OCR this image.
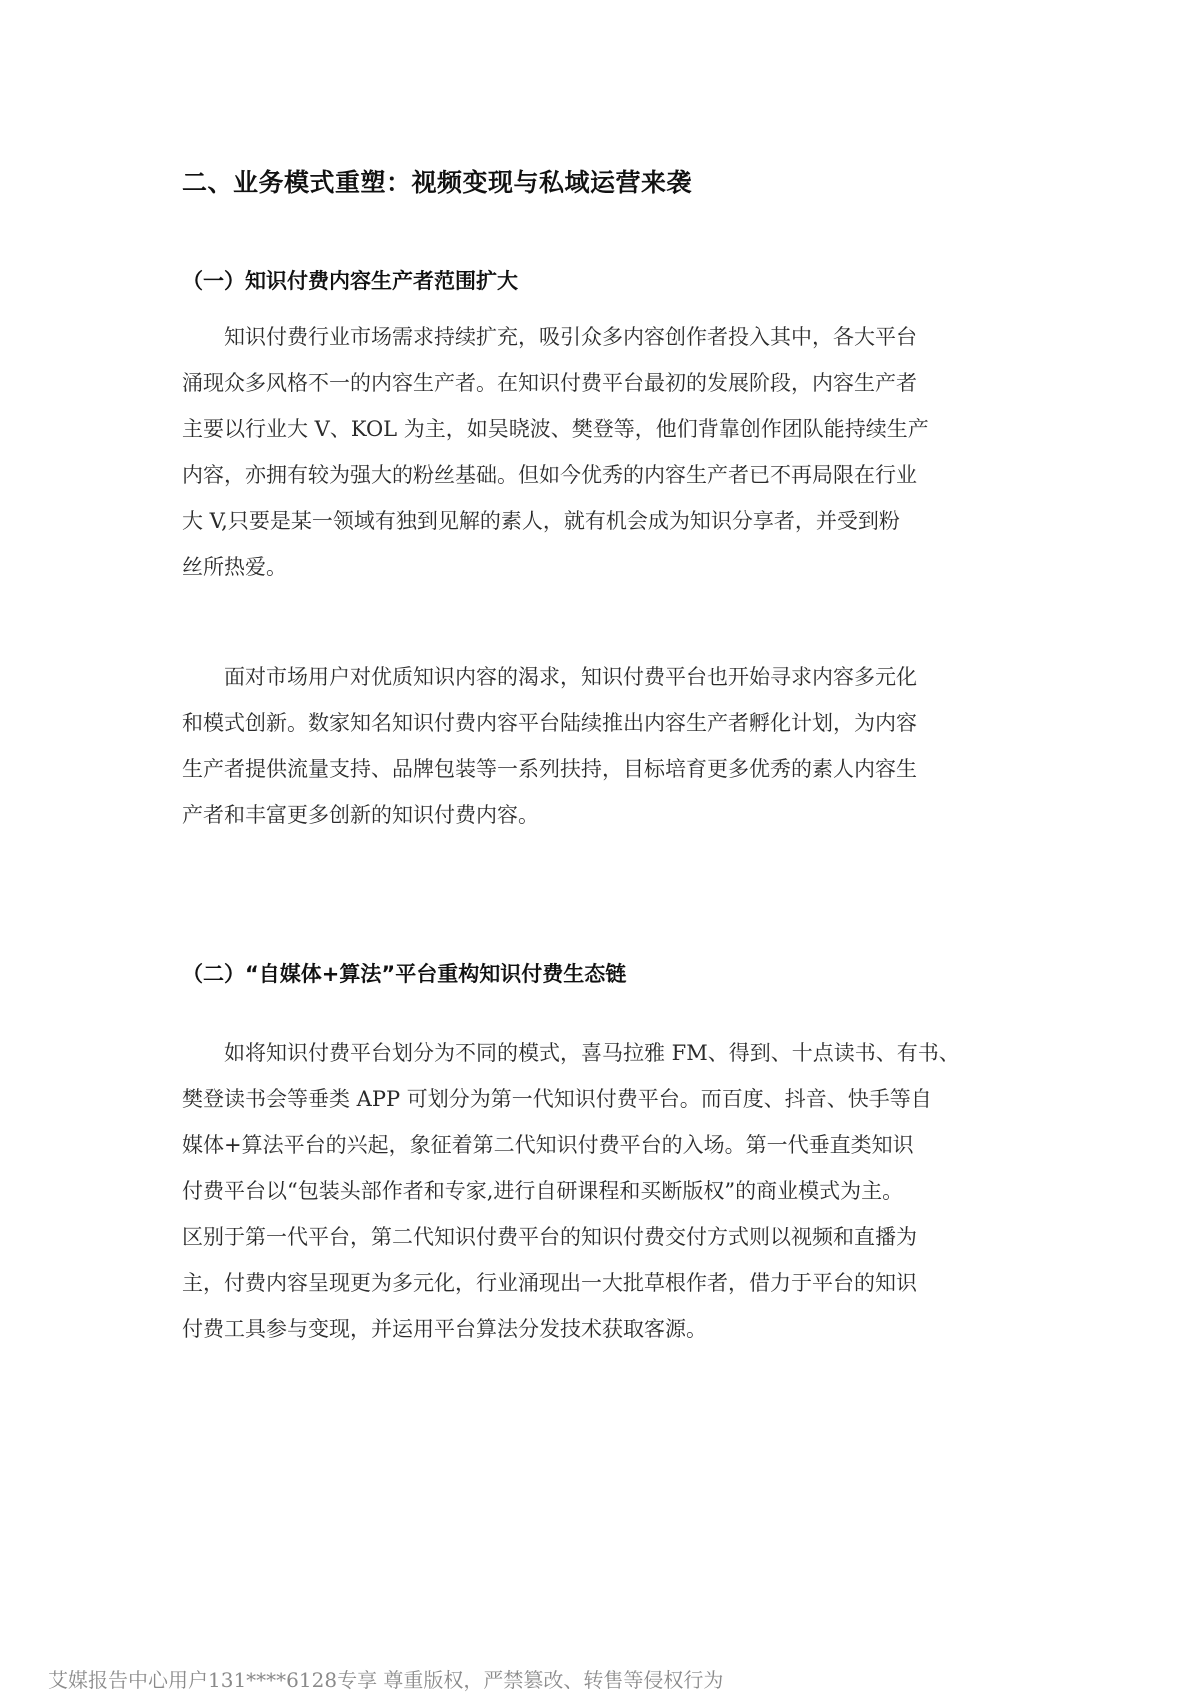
二、业务模式重塑：视频变现与私域运营来袭
（一）知识付费内容生产者范围扩大
知识付费行业市场需求持续扩充，吸引众多内容创作者投入其中，各大平台
涌现众多风格不一的内容生产者。在知识付费平台最初的发展阶段，内容生产者
主要以行业大 V、KOL 为主，如吴晓波、樊登等，他们背靠创作团队能持续生产
内容，亦拥有较为强大的粉丝基础。但如今优秀的内容生产者已不再局限在行业
大 V,只要是某一领域有独到见解的素人，就有机会成为知识分享者，并受到粉
丝所热爱。
面对市场用户对优质知识内容的渴求，知识付费平台也开始寻求内容多元化
和模式创新。数家知名知识付费内容平台陆续推出内容生产者孵化计划，为内容
生产者提供流量支持、品牌包装等一系列扶持，目标培育更多优秀的素人内容生
产者和丰富更多创新的知识付费内容。
（二）“自媒体+算法”平台重构知识付费生态链
如将知识付费平台划分为不同的模式，喜马拉雅 FM、得到、十点读书、有书、
樊登读书会等垂类 APP 可划分为第一代知识付费平台。而百度、抖音、快手等自
媒体+算法平台的兴起，象征着第二代知识付费平台的入场。第一代垂直类知识
付费平台以“包装头部作者和专家,进行自研课程和买断版权”的商业模式为主。
区别于第一代平台，第二代知识付费平台的知识付费交付方式则以视频和直播为
主，付费内容呈现更为多元化，行业涌现出一大批草根作者，借力于平台的知识
付费工具参与变现，并运用平台算法分发技术获取客源。
艾媒报告中心用户131****6128专享 尊重版权，严禁篡改、转售等侵权行为
